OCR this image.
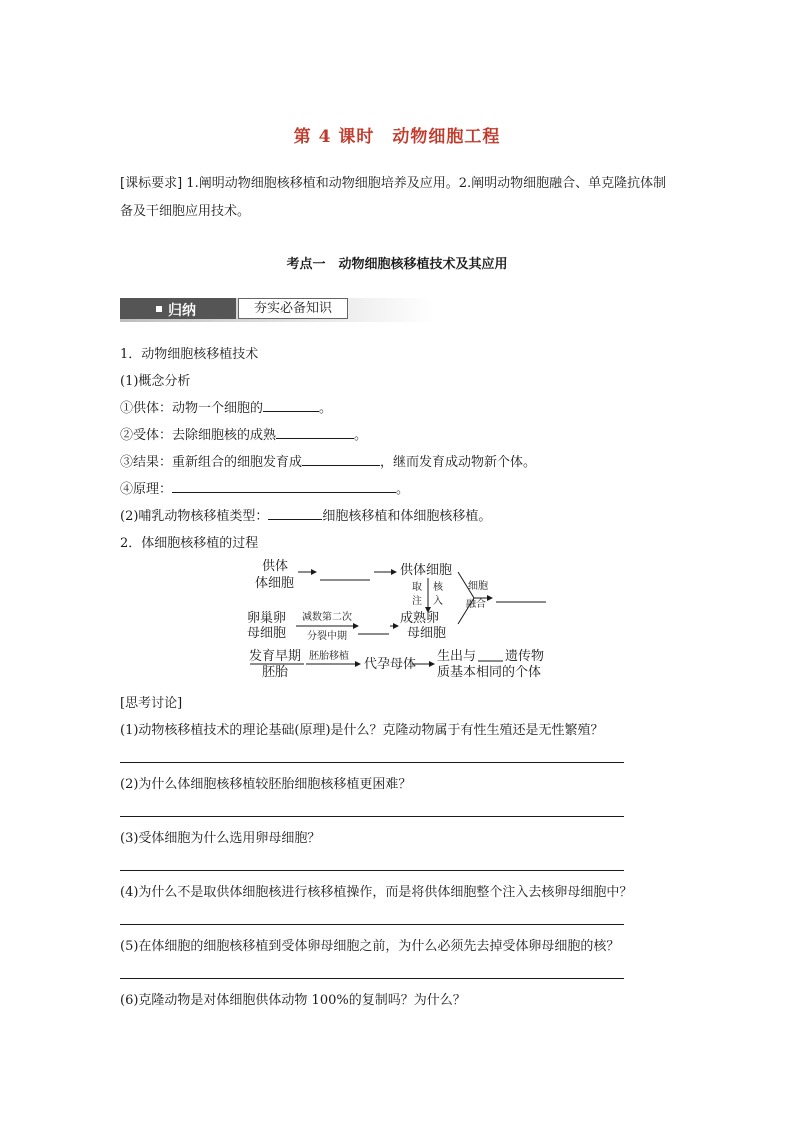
第 4 课时　动物细胞工程
[课标要求] 1.阐明动物细胞核移植和动物细胞培养及应用。2.阐明动物细胞融合、单克隆抗体制备及干细胞应用技术。
考点一　动物细胞核移植技术及其应用
归纳	夯实必备知识
1．动物细胞核移植技术
(1)概念分析
①供体：动物一个细胞的	。
②受体：去除细胞核的成熟	。
③结果：重新组合的细胞发育成	，继而发育成动物新个体。
④原理：	。
(2)哺乳动物核移植类型：	细胞核移植和体细胞核移植。
2．体细胞核移植的过程
供体
体细胞
供体细胞
成熟卵
母细胞
卵巢卵
母细胞
发育早期
胚胎
代孕母体
生出与 遗传物
质基本相同的个体
取
注
核
入
细胞
融合
减数第二次
分裂中期
胚胎移植
[思考讨论]
(1)动物核移植技术的理论基础(原理)是什么？克隆动物属于有性生殖还是无性繁殖？
(2)为什么体细胞核移植较胚胎细胞核移植更困难？
(3)受体细胞为什么选用卵母细胞？
(4)为什么不是取供体细胞核进行核移植操作，而是将供体细胞整个注入去核卵母细胞中？
(5)在体细胞的细胞核移植到受体卵母细胞之前，为什么必须先去掉受体卵母细胞的核？
(6)克隆动物是对体细胞供体动物 100%的复制吗？为什么？
